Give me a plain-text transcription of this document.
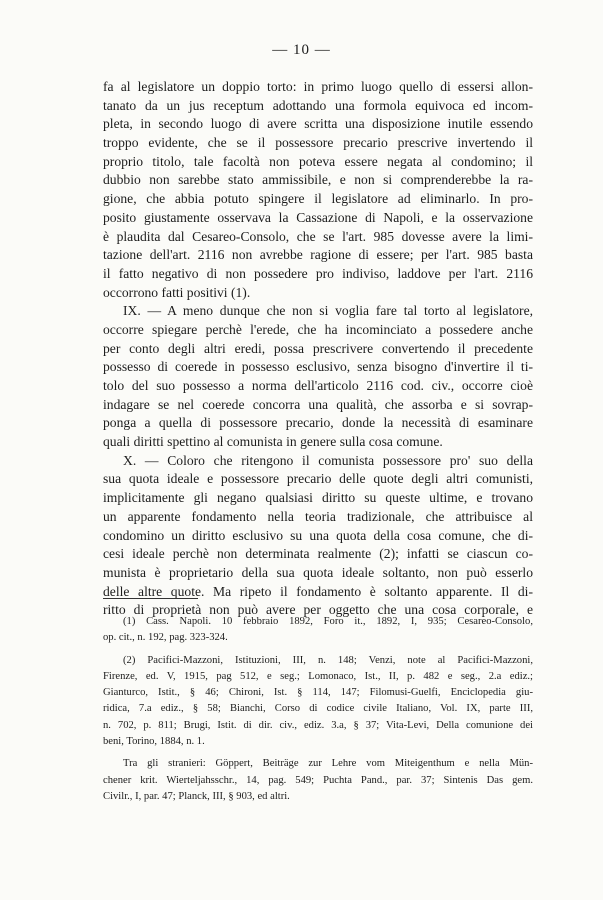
— 10 —
fa al legislatore un doppio torto: in primo luogo quello di essersi allon-
tanato da un jus receptum adottando una formola equivoca ed incom-
pleta, in secondo luogo di avere scritta una disposizione inutile essendo
troppo evidente, che se il possessore precario prescrive invertendo il
proprio titolo, tale facoltà non poteva essere negata al condomino; il
dubbio non sarebbe stato ammissibile, e non si comprenderebbe la ra-
gione, che abbia potuto spingere il legislatore ad eliminarlo. In pro-
posito giustamente osservava la Cassazione di Napoli, e la osservazione
è plaudita dal Cesareo-Consolo, che se l'art. 985 dovesse avere la limi-
tazione dell'art. 2116 non avrebbe ragione di essere; per l'art. 985 basta
il fatto negativo di non possedere pro indiviso, laddove per l'art. 2116
occorrono fatti positivi (1).
IX. — A meno dunque che non si voglia fare tal torto al legislatore,
occorre spiegare perchè l'erede, che ha incominciato a possedere anche
per conto degli altri eredi, possa prescrivere convertendo il precedente
possesso di coerede in possesso esclusivo, senza bisogno d'invertire il ti-
tolo del suo possesso a norma dell'articolo 2116 cod. civ., occorre cioè
indagare se nel coerede concorra una qualità, che assorba e si sovrap-
ponga a quella di possessore precario, donde la necessità di esaminare
quali diritti spettino al comunista in genere sulla cosa comune.
X. — Coloro che ritengono il comunista possessore pro' suo della
sua quota ideale e possessore precario delle quote degli altri comunisti,
implicitamente gli negano qualsiasi diritto su queste ultime, e trovano
un apparente fondamento nella teoria tradizionale, che attribuisce al
condomino un diritto esclusivo su una quota della cosa comune, che di-
cesi ideale perchè non determinata realmente (2); infatti se ciascun co-
munista è proprietario della sua quota ideale soltanto, non può esserlo
delle altre quote. Ma ripeto il fondamento è soltanto apparente. Il di-
ritto di proprietà non può avere per oggetto che una cosa corporale, e
(1) Cass. Napoli. 10 febbraio 1892, Foro it., 1892, I, 935; Cesareo-Consolo,
op. cit., n. 192, pag. 323-324.
(2) Pacifici-Mazzoni, Istituzioni, III, n. 148; Venzi, note al Pacifici-Mazzoni,
Firenze, ed. V, 1915, pag 512, e seg.; Lomonaco, Ist., II, p. 482 e seg., 2.a ediz.;
Gianturco, Istit., § 46; Chironi, Ist. § 114, 147; Filomusi-Guelfi, Enciclopedia giu-
ridica, 7.a ediz., § 58; Bianchi, Corso di codice civile Italiano, Vol. IX, parte III,
n. 702, p. 811; Brugi, Istit. di dir. civ., ediz. 3.a, § 37; Vita-Levi, Della comunione dei
beni, Torino, 1884, n. 1.
Tra gli stranieri: Göppert, Beiträge zur Lehre vom Miteigenthum e nella Mün-
chener krit. Wierteljahsschr., 14, pag. 549; Puchta Pand., par. 37; Sintenis Das gem.
Civilr., I, par. 47; Planck, III, § 903, ed altri.
